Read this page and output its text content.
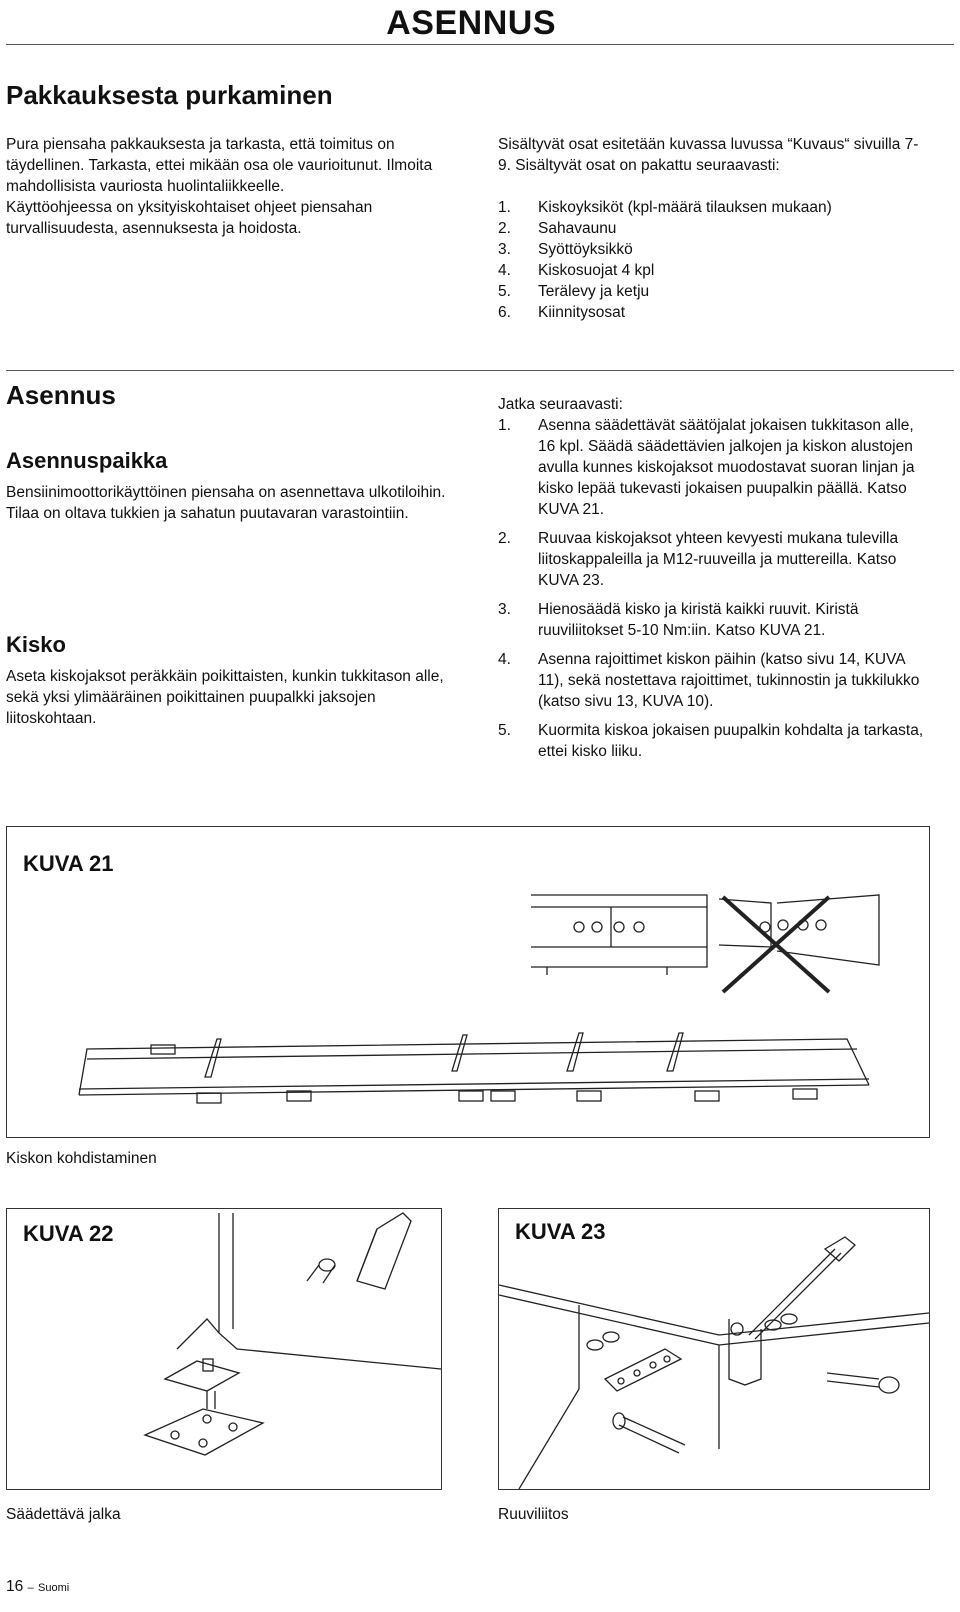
ASENNUS
Pakkauksesta purkaminen

Pura piensaha pakkauksesta ja tarkasta, että toimitus on täydellinen. Tarkasta, ettei mikään osa ole vaurioitunut. Ilmoita mahdollisista vauriosta huolintaliikkeelle.

Käyttöohjeessa on yksityiskohtaiset ohjeet piensahan turvallisuudesta, asennuksesta ja hoidosta.

Sisältyvät osat esitetään kuvassa luvussa “Kuvaus“ sivuilla 7-9. Sisältyvät osat on pakattu seuraavasti:

1.	Kiskoyksiköt (kpl-määrä tilauksen mukaan)
2.	Sahavaunu
3.	Syöttöyksikkö
4.	Kiskosuojat 4 kpl
5.	Terälevy ja ketju
6.	Kiinnitysosat
Asennus
Asennuspaikka

Bensiinimoottorikäyttöinen piensaha on asennettava ulkotiloihin.

Tilaa on oltava tukkien ja sahatun puutavaran varastointiin.

Kisko

Aseta kiskojaksot peräkkäin poikittaisten, kunkin tukkitason alle, sekä yksi ylimääräinen poikittainen puupalkki jaksojen liitoskohtaan.

Jatka seuraavasti:

1.	Asenna säädettävät säätöjalat jokaisen tukkitason alle, 16 kpl. Säädä säädettävien jalkojen ja kiskon alustojen avulla kunnes kiskojaksot muodostavat suoran linjan ja kisko lepää tukevasti jokaisen puupalkin päällä. Katso KUVA 21.
2.	Ruuvaa kiskojaksot yhteen kevyesti mukana tulevilla liitoskappaleilla ja M12-ruuveilla ja muttereilla. Katso KUVA 23.
3.	Hienosäädä kisko ja kiristä kaikki ruuvit. Kiristä ruuviliitokset 5-10 Nm:iin. Katso KUVA 21.
4.	Asenna rajoittimet kiskon päihin (katso sivu 14, KUVA 11), sekä nostettava rajoittimet, tukinnostin ja tukkilukko (katso sivu 13, KUVA 10).
5.	Kuormita kiskoa jokaisen puupalkin kohdalta ja tarkasta, ettei kisko liiku.
KUVA 21
Kiskon kohdistaminen
KUVA 22
Säädettävä jalka
KUVA 23
Ruuviliitos
16 – Suomi
